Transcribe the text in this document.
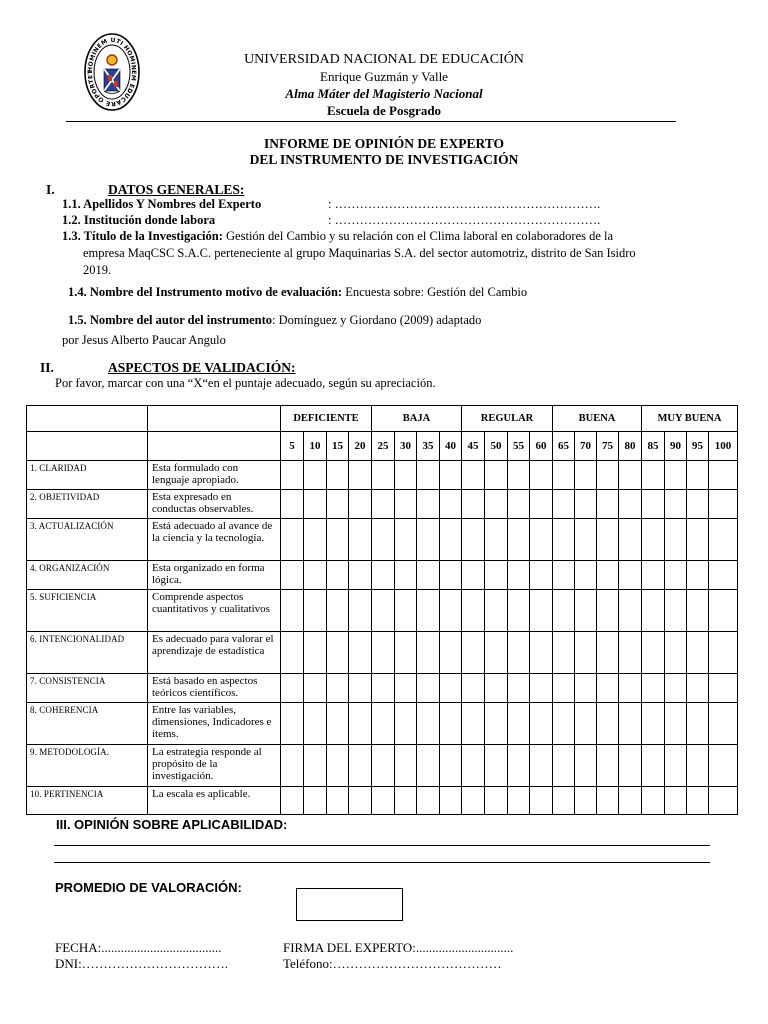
HOMINEM UTI HOMINEM EDUCARE OPORTET
UNIVERSIDAD NACIONAL DE EDUCACIÓN
Enrique Guzmán y Valle
Alma Máter del Magisterio Nacional
Escuela de Posgrado
INFORME DE OPINIÓN DE EXPERTO
DEL INSTRUMENTO DE INVESTIGACIÓN
I.	DATOS GENERALES:
1.1. Apellidos Y Nombres del Experto	: ……………………………………………………….
1.2. Institución donde labora	: ……………………………………………………….
1.3. Título de la Investigación: Gestión del Cambio y su relación con el Clima laboral en colaboradores de la
empresa MaqCSC S.A.C. perteneciente al grupo Maquinarias S.A. del sector automotriz, distrito de San Isidro
2019.
1.4. Nombre del Instrumento motivo de evaluación: Encuesta sobre: Gestión del Cambio
1.5. Nombre del autor del instrumento: Domínguez y Giordano (2009) adaptado
por Jesus Alberto Paucar Angulo
II.	ASPECTOS DE VALIDACIÓN:
Por favor, marcar con una “X“en el puntaje adecuado, según su apreciación.
		DEFICIENTE				BAJA				REGULAR				BUENA				MUY BUENA			
		5	10	15	20	25	30	35	40	45	50	55	60	65	70	75	80	85	90	95	100
1. CLARIDAD	Esta formulado con lenguaje apropiado.																				
2. OBJETIVIDAD	Esta expresado en conductas observables.																				
3. ACTUALIZACIÓN	Está adecuado al avance de la ciencia y la tecnología.																				
4. ORGANIZACIÓN	Esta organizado en forma lógica.																				
5. SUFICIENCIA	Comprende aspectos cuantitativos y cualitativos																				
6. INTENCIONALIDAD	Es adecuado para valorar el aprendizaje de estadística																				
7. CONSISTENCIA	Está basado en aspectos teóricos científicos.																				
8. COHERENCIA	Entre las variables, dimensiones, Indicadores e ítems.																				
9. METODOLOGÍA.	La estrategia responde al propósito de la investigación.																				
10. PERTINENCIA	La escala es aplicable.																				
III. OPINIÓN SOBRE APLICABILIDAD:
PROMEDIO DE VALORACIÓN:
FECHA:.....................................
DNI:…………………………….
FIRMA DEL EXPERTO:..............................
Teléfono:…………………………………
